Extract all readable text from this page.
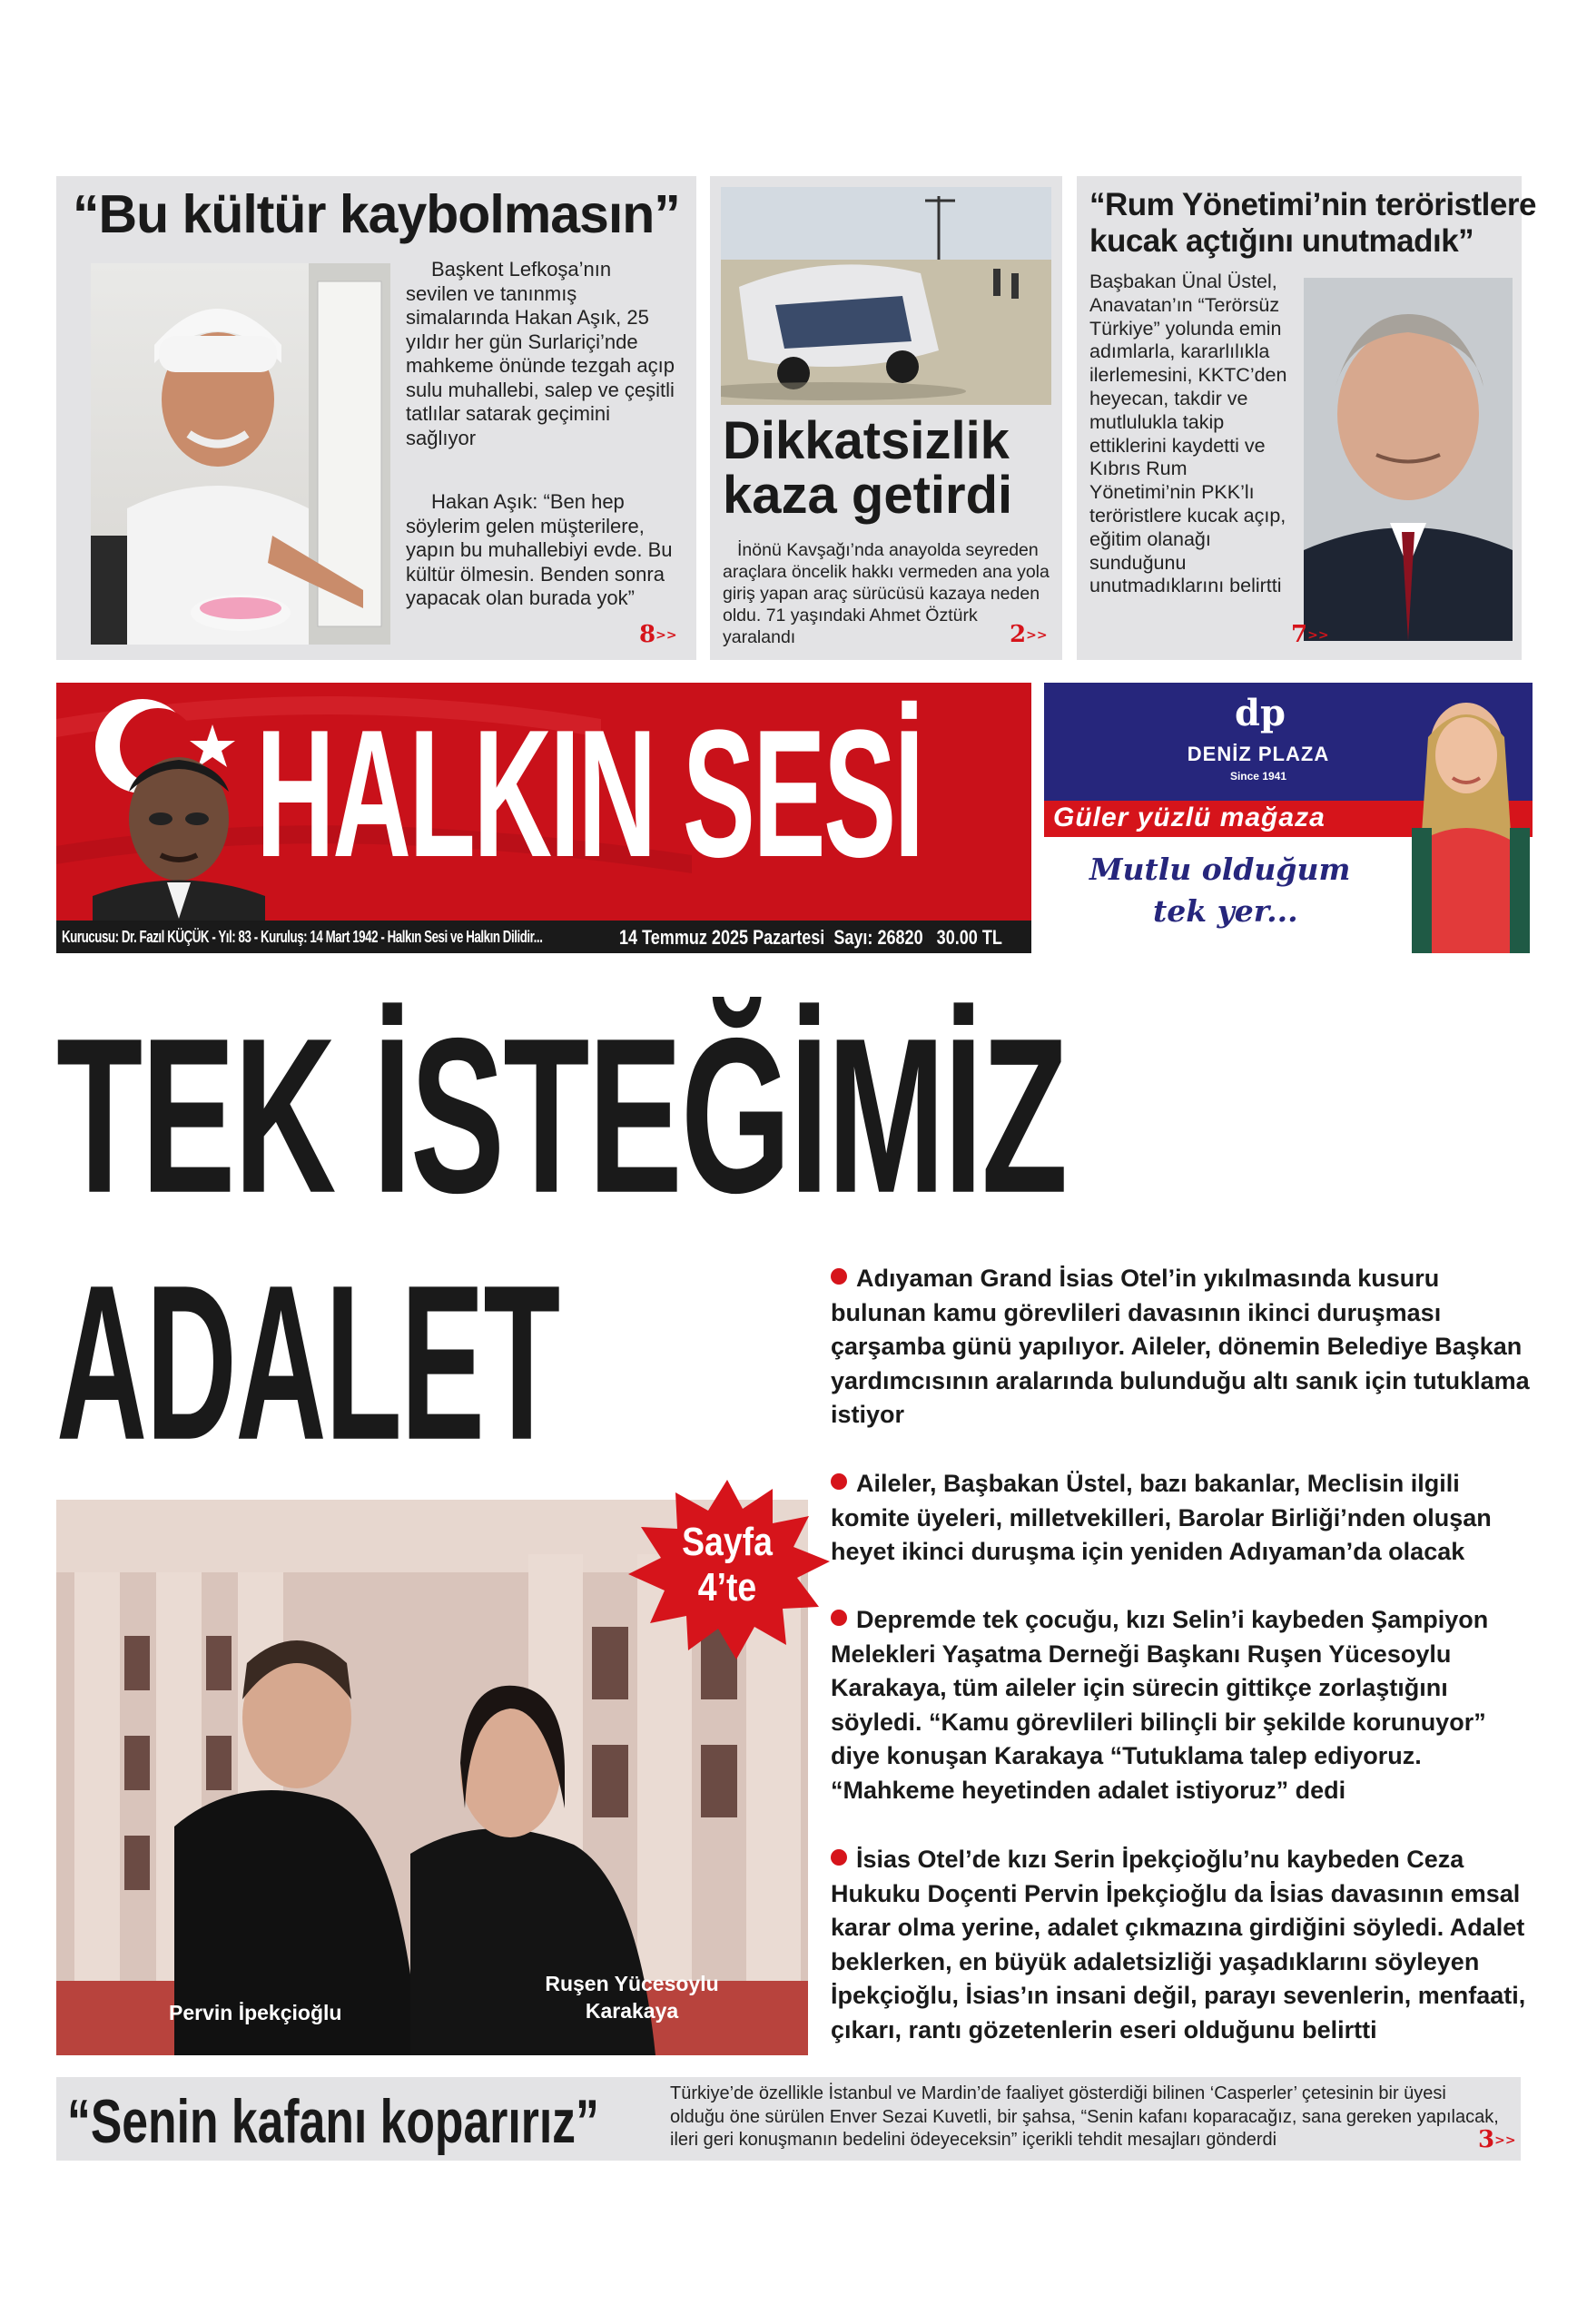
“Bu kültür kaybolmasın”
Başkent Lefkoşa’nın sevilen ve tanınmış simalarında Hakan Aşık, 25 yıldır her gün Surlariçi’nde mahkeme önünde tezgah açıp sulu muhallebi, salep ve çeşitli tatlılar satarak geçimini sağlıyor
Hakan Aşık: “Ben hep söylerim gelen müşterilere, yapın bu muhallebiyi evde. Bu kültür ölmesin. Benden sonra yapacak olan burada yok”
8>>
Dikkatsizlik
kaza getirdi
İnönü Kavşağı’nda anayolda seyreden araçlara öncelik hakkı vermeden ana yola giriş yapan araç sürücüsü kazaya neden oldu. 71 yaşındaki Ahmet Öztürk yaralandı	2>>
“Rum Yönetimi’nin teröristlere
kucak açtığını unutmadık”
Başbakan Ünal Üstel, Anavatan’ın “Terörsüz Türkiye” yolunda emin adımlarla, kararlılıkla ilerlemesini, KKTC’den heyecan, takdir ve mutlulukla takip ettiklerini kaydetti ve Kıbrıs Rum Yönetimi’nin PKK’lı teröristlere kucak açıp, eğitim olanağı sunduğunu unutmadıklarını belirtti
7>>
HALKIN SESİ
Kurucusu: Dr. Fazıl KÜÇÜK - Yıl: 83 - Kuruluş: 14 Mart 1942 - Halkın Sesi ve Halkın Dilidir...	14 Temmuz 2025 Pazartesi Sayı: 26820 30.00 TL
dp
DENİZ PLAZA
Since 1941
Güler yüzlü mağaza
Mutlu olduğum
tek yer...
TEK İSTEĞİMİZ
ADALET	Adıyaman Grand İsias Otel’in yıkılmasında kusuru bulunan kamu görevlileri davasının ikinci duruşması çarşamba günü yapılıyor. Aileler, dönemin Belediye Başkan yardımcısının aralarında bulunduğu altı sanık için tutuklama istiyor
Aileler, Başbakan Üstel, bazı bakanlar, Meclisin ilgili komite üyeleri, milletvekilleri, Barolar Birliği’nden oluşan heyet ikinci duruşma için yeniden Adıyaman’da olacak
Depremde tek çocuğu, kızı Selin’i kaybeden Şampiyon Melekleri Yaşatma Derneği Başkanı Ruşen Yücesoylu Karakaya, tüm aileler için sürecin gittikçe zorlaştığını söyledi. “Kamu görevlileri bilinçli bir şekilde korunuyor” diye konuşan Karakaya “Tutuklama talep ediyoruz. “Mahkeme heyetinden adalet istiyoruz” dedi
İsias Otel’de kızı Serin İpekçioğlu’nu kaybeden Ceza Hukuku Doçenti Pervin İpekçioğlu da İsias davasının emsal karar olma yerine, adalet çıkmazına girdiğini söyledi. Adalet beklerken, en büyük adaletsizliği yaşadıklarını söyleyen İpekçioğlu, İsias’ın insani değil, parayı sevenlerin, menfaati, çıkarı, rantı gözetenlerin eseri olduğunu belirtti
Pervin İpekçioğlu
Ruşen Yücesoylu
Karakaya
Sayfa
4’te
“Senin kafanı koparırız”	Türkiye’de özellikle İstanbul ve Mardin’de faaliyet gösterdiği bilinen ‘Casperler’ çetesinin bir üyesi olduğu öne sürülen Enver Sezai Kuvetli, bir şahsa, “Senin kafanı koparacağız, sana gereken yapılacak, ileri geri konuşmanın bedelini ödeyeceksin” içerikli tehdit mesajları gönderdi	3>>
